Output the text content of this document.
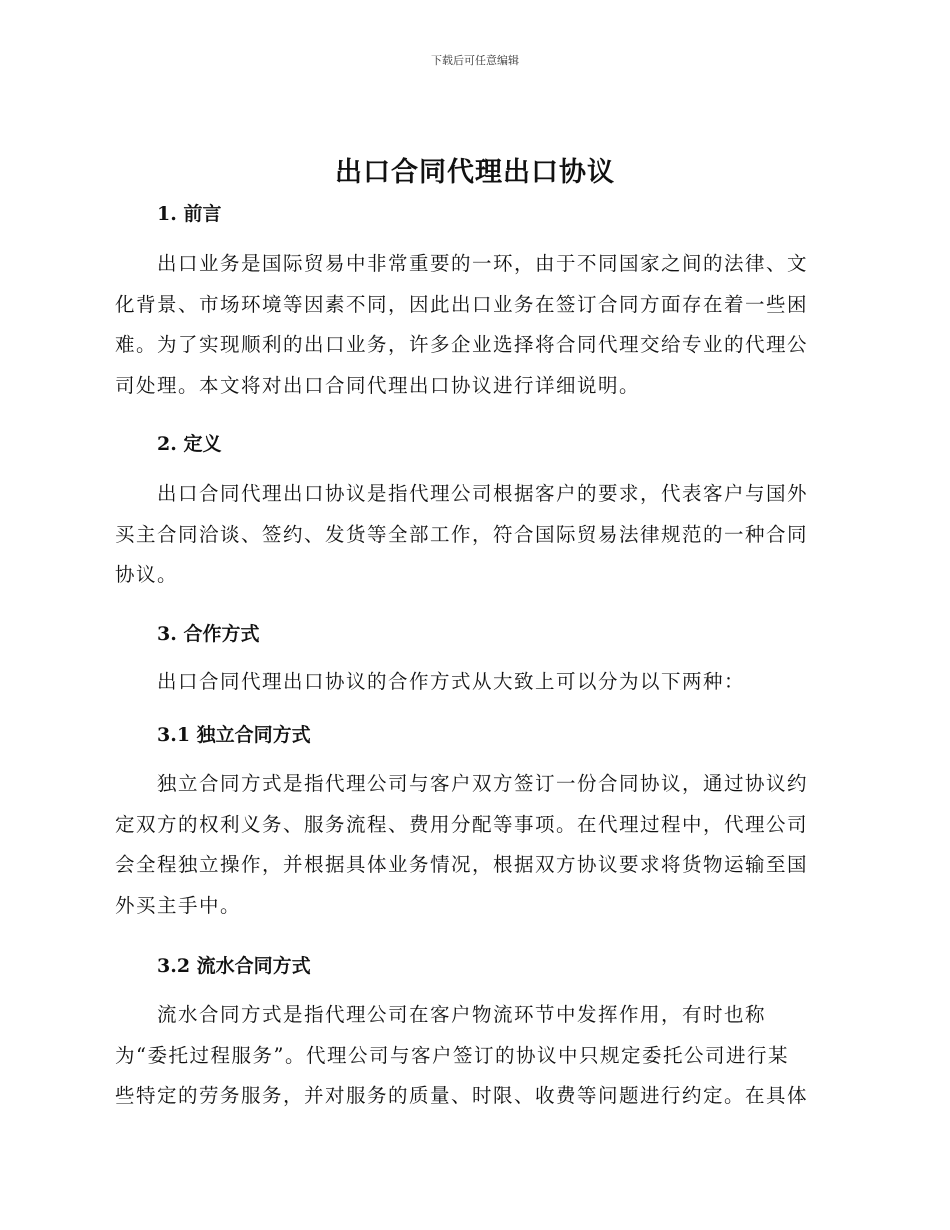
下载后可任意编辑
出口合同代理出口协议
1. 前言
出口业务是国际贸易中非常重要的一环，由于不同国家之间的法律、文
化背景、市场环境等因素不同，因此出口业务在签订合同方面存在着一些困
难。为了实现顺利的出口业务，许多企业选择将合同代理交给专业的代理公
司处理。本文将对出口合同代理出口协议进行详细说明。
2. 定义
出口合同代理出口协议是指代理公司根据客户的要求，代表客户与国外
买主合同洽谈、签约、发货等全部工作，符合国际贸易法律规范的一种合同
协议。
3. 合作方式
出口合同代理出口协议的合作方式从大致上可以分为以下两种：
3.1 独立合同方式
独立合同方式是指代理公司与客户双方签订一份合同协议，通过协议约
定双方的权利义务、服务流程、费用分配等事项。在代理过程中，代理公司
会全程独立操作，并根据具体业务情况，根据双方协议要求将货物运输至国
外买主手中。
3.2 流水合同方式
流水合同方式是指代理公司在客户物流环节中发挥作用，有时也称
为“委托过程服务”。代理公司与客户签订的协议中只规定委托公司进行某
些特定的劳务服务，并对服务的质量、时限、收费等问题进行约定。在具体
